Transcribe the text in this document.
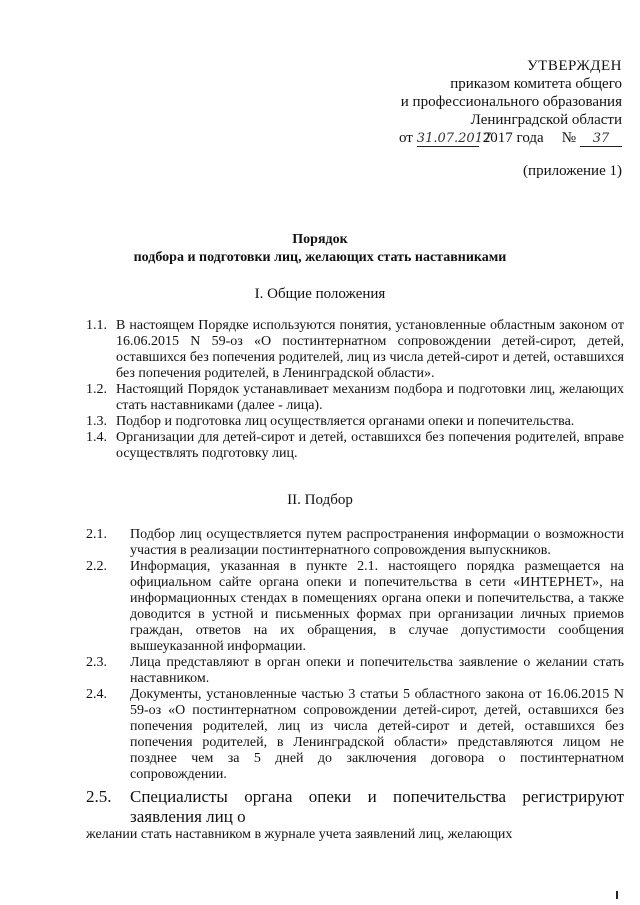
УТВЕРЖДЕН
приказом комитета общего
и профессионального образования
Ленинградской области
от 31.07.2017
2017 года №	37
(приложение 1)
Порядок
подбора и подготовки лиц, желающих стать наставниками
I. Общие положения
1.1. В настоящем Порядке используются понятия, установленные областным законом от 16.06.2015 N 59-оз «О постинтернатном сопровождении детей-сирот, детей, оставшихся без попечения родителей, лиц из числа детей-сирот и детей, оставшихся без попечения родителей, в Ленинградской области».
1.2. Настоящий Порядок устанавливает механизм подбора и подготовки лиц, желающих стать наставниками (далее - лица).
1.3. Подбор и подготовка лиц осуществляется органами опеки и попечительства.
1.4. Организации для детей-сирот и детей, оставшихся без попечения родителей, вправе осуществлять подготовку лиц.
II. Подбор
2.1.	Подбор лиц осуществляется путем распространения информации о возможности участия в реализации постинтернатного сопровождения выпускников.
2.2.	Информация, указанная в пункте 2.1. настоящего порядка размещается на официальном сайте органа опеки и попечительства в сети «ИНТЕРНЕТ», на информационных стендах в помещениях органа опеки и попечительства, а также доводится в устной и письменных формах при организации личных приемов граждан, ответов на их обращения, в случае допустимости сообщения вышеуказанной информации.
2.3.	Лица представляют в орган опеки и попечительства заявление о желании стать наставником.
2.4.	Документы, установленные частью 3 статьи 5 областного закона от 16.06.2015 N 59-оз «О постинтернатном сопровождении детей-сирот, детей, оставшихся без попечения родителей, лиц из числа детей-сирот и детей, оставшихся без попечения родителей, в Ленинградской области» представляются лицом не позднее чем за 5 дней до заключения договора о постинтернатном сопровождении.
2.5.	Специалисты органа опеки и попечительства регистрируют заявления лиц о
желании стать наставником в журнале учета заявлений лиц, желающих
